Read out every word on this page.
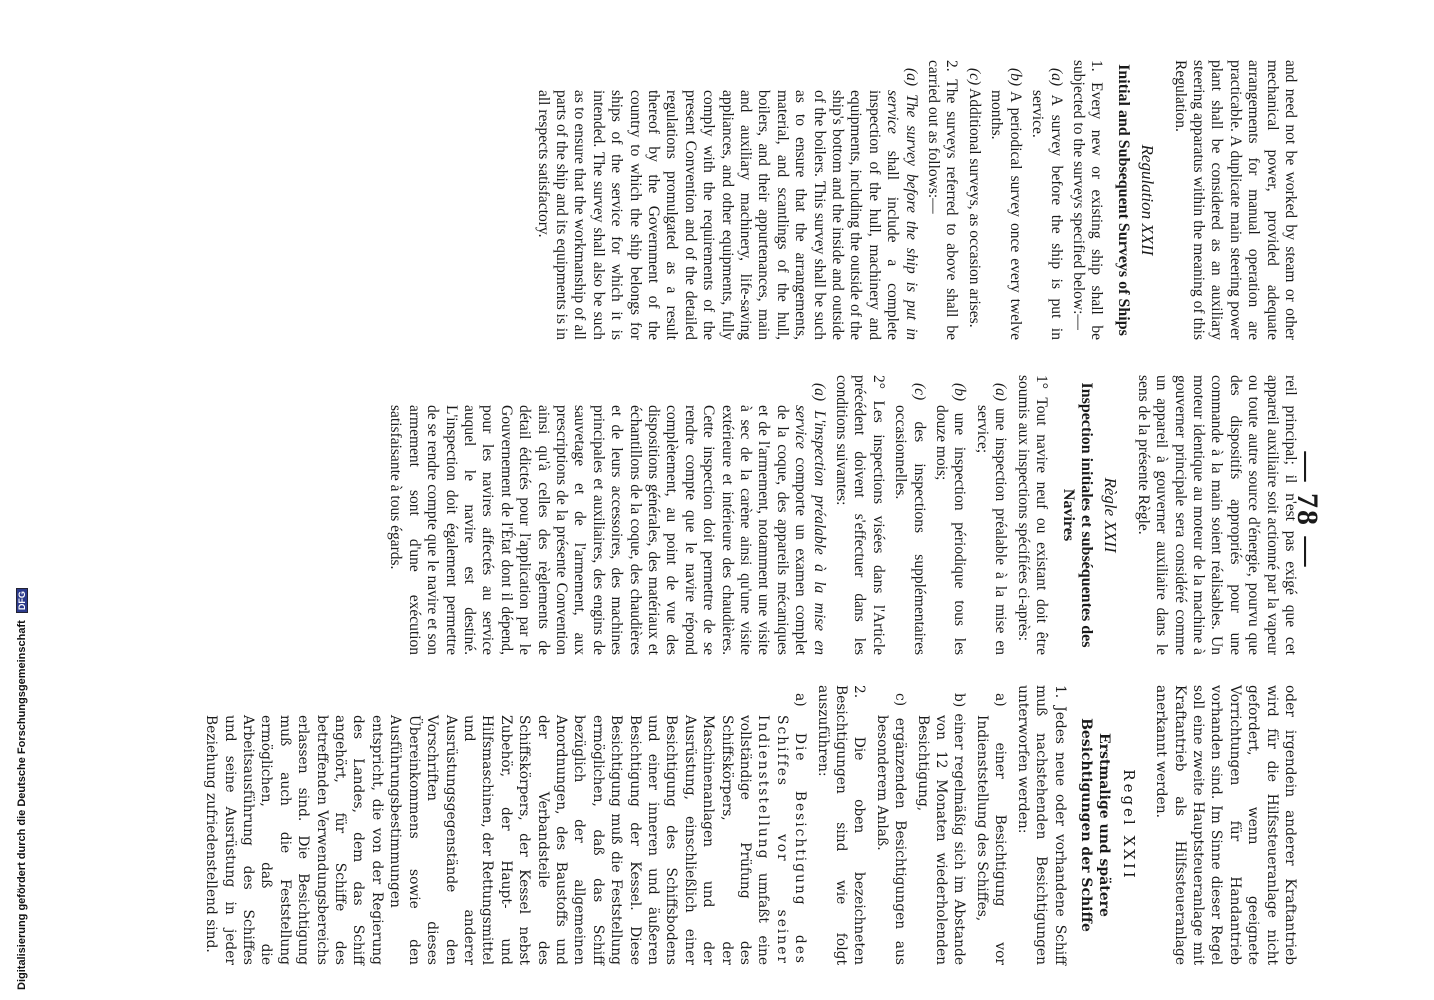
— 78 —

and need not be worked by steam or other mechanical power, provided adequate arrangements for manual operation are practicable. A duplicate main steering power plant shall be considered as an auxiliary steering apparatus within the meaning of this Regulation.

Regulation XXII
Initial and Subsequent Surveys of Ships

1. Every new or existing ship shall be subjected to the surveys specified below:—

(a) A survey before the ship is put in service.

(b) A periodical survey once every twelve months.

(c) Additional surveys, as occasion arises.

2. The surveys referred to above shall be carried out as follows:—

(a) The survey before the ship is put in service shall include a complete inspection of the hull, machinery and equipments, including the outside of the ship's bottom and the inside and outside of the boilers. This survey shall be such as to ensure that the arrangements, material, and scantlings of the hull, boilers, and their appurtenances, main and auxiliary machinery, life-saving appliances, and other equipments, fully comply with the requirements of the present Convention and of the detailed regulations promulgated as a result thereof by the Government of the country to which the ship belongs for ships of the service for which it is intended. The survey shall also be such as to ensure that the workmanship of all parts of the ship and its equipments is in all respects satisfactory.

reil principal; il n'est pas exigé que cet appareil auxiliaire soit actionné par la vapeur ou toute autre source d'énergie, pourvu que des dispositifs appropriés pour une commande à la main soient réalisables. Un moteur identique au moteur de la machine à gouverner principale sera considéré comme un appareil à gouverner auxiliaire dans le sens de la présente Règle.

Règle XXII
Inspection initiales et subséquentes des Navires

1° Tout navire neuf ou existant doit être soumis aux inspections spécifiées ci-après:

(a) une inspection préalable à la mise en service;

(b) une inspection périodique tous les douze mois;

(c) des inspections supplémentaires occasionnelles.

2° Les inspections visées dans l'Article précédent doivent s'effectuer dans les conditions suivantes:

(a) L'inspection préalable à la mise en service comporte un examen complet de la coque, des appareils mécaniques et de l'armement, notamment une visite à sec de la carène ainsi qu'une visite extérieure et intérieure des chaudières. Cette inspection doit permettre de se rendre compte que le navire répond complètement, au point de vue des dispositions générales, des matériaux et échantillons de la coque, des chaudières et de leurs accessoires, des machines principales et auxiliaires, des engins de sauvetage et de l'armement, aux prescriptions de la présente Convention ainsi qu'à celles des règlements de détail édictés pour l'application par le Gouvernement de l'État dont il dépend, pour les navires affectés au service auquel le navire est destiné. L'inspection doit également permettre de se rendre compte que le navire et son armement sont d'une exécution satisfaisante à tous égards.

oder irgendein anderer Kraftantrieb wird für die Hilfssteueranlage nicht gefordert, wenn geeignete Vorrichtungen für Handantrieb vorhanden sind. Im Sinne dieser Regel soll eine zweite Hauptsteueranlage mit Kraftantrieb als Hilfssteueranlage anerkannt werden.

Regel XXII
Erstmalige und spätere Besichtigungen der Schiffe

1. Jedes neue oder vorhandene Schiff muß nachstehenden Besichtigungen unterworfen werden:

a) einer Besichtigung vor Indienststellung des Schiffes,

b) einer regelmäßig sich im Abstande von 12 Monaten wiederholenden Besichtigung,

c) ergänzenden Besichtigungen aus besonderem Anlaß.

2. Die oben bezeichneten Besichtigungen sind wie folgt auszuführen:

a) Die Besichtigung des Schiffes vor seiner Indienststellung umfaßt eine vollständige Prüfung des Schiffskörpers, der Maschinenanlagen und der Ausrüstung, einschließlich einer Besichtigung des Schiffsbodens und einer inneren und äußeren Besichtigung der Kessel. Diese Besichtigung muß die Feststellung ermöglichen, daß das Schiff bezüglich der allgemeinen Anordnungen, des Baustoffs und der Verbandsteile des Schiffskörpers, der Kessel nebst Zubehör, der Haupt- und Hilfsmaschinen, der Rettungsmittel und anderer Ausrüstungsgegenstände den Vorschriften dieses Übereinkommens sowie den Ausführungsbestimmungen entspricht, die von der Regierung des Landes, dem das Schiff angehört, für Schiffe des betreffenden Verwendungsbereichs erlassen sind. Die Besichtigung muß auch die Feststellung ermöglichen, daß die Arbeitsausführung des Schiffes und seine Ausrüstung in jeder Beziehung zufriedenstellend sind.

Digitalisierung gefördert durch die Deutsche Forschungsgemeinschaft DFG
